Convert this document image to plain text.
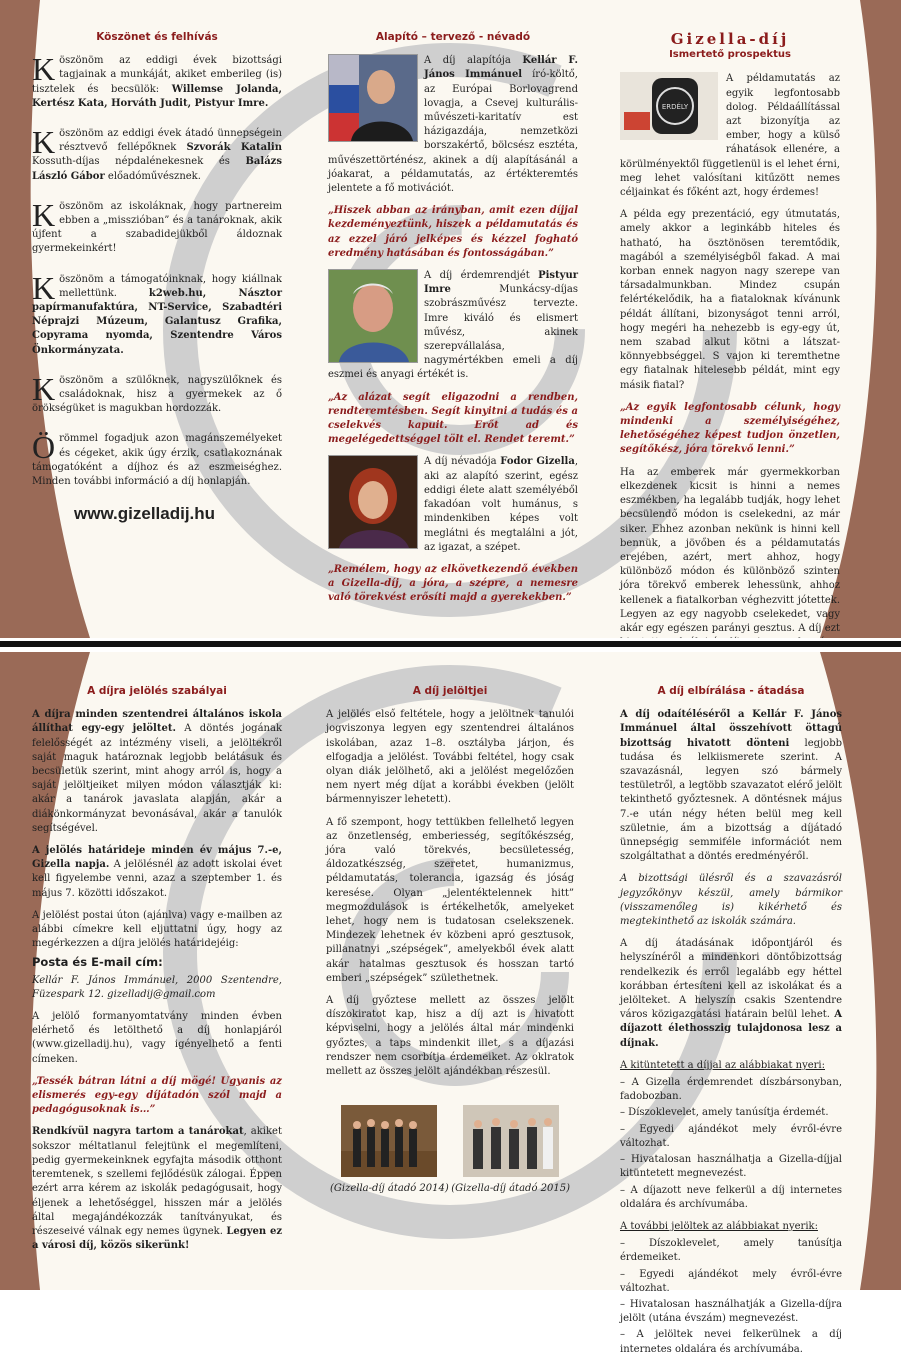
Köszönet és felhívás

Köszönöm az eddigi évek bizottsági tagjainak a munkáját, akiket emberileg (is) tisztelek és becsülök: Willemse Jolanda, Kertész Kata, Horváth Judit, Pistyur Imre.

Köszönöm az eddigi évek átadó ünnepségein résztvevő fellépőknek Szvorák Katalin Kossuth-díjas népdalénekesnek és Balázs László Gábor előadóművésznek.

Köszönöm az iskoláknak, hogy partnereim ebben a „misszióban” és a tanároknak, akik újfent a szabadidejükből áldoznak gyermekeinkért!

Köszönöm a támogatóinknak, hogy kiállnak mellettünk. k2web.hu, Násztor papírmanufaktúra, NT-Service, Szabadtéri Néprajzi Múzeum, Galantusz Grafika, Copyrama nyomda, Szentendre Város Önkormányzata.

Köszönöm a szülőknek, nagyszülőknek és családoknak, hisz a gyermekek az ő örökségüket is magukban hordozzák.

Örömmel fogadjuk azon magánszemélyeket és cégeket, akik úgy érzik, csatlakoznának támogatóként a díjhoz és az eszmeiséghez. Minden további információ a díj honlapján.

www.gizelladij.hu
Alapító – tervező - névadó

A díj alapítója Kellár F. János Immánuel író-költő, az Európai Borlovagrend lovagja, a Csevej kulturális- művészeti-karitatív est házigazdája, nemzetközi borszakértő, bölcsész esztéta, művészettörténész, akinek a díj alapításánál a jóakarat, a példamutatás, az értékteremtés jelentete a fő motivációt.

„Hiszek abban az irányban, amit ezen díjjal kezdeményeztünk, hiszek a példamutatás és az ezzel járó jelképes és kézzel fogható eredmény hatásában és fontosságában.”

A díj érdemrendjét Pistyur Imre Munkácsy-díjas szobrászművész tervezte. Imre kiváló és elismert művész, akinek szerepvállalása, nagymértékben emeli a díj eszmei és anyagi értékét is.

„Az alázat segít eligazodni a rendben, rendteremtésben. Segít kinyitni a tudás és a cselekvés kapuit. Erőt ad és megelégedettséggel tölt el. Rendet teremt.”

A díj névadója Fodor Gizella, aki az alapító szerint, egész eddigi élete alatt személyéből fakadóan volt humánus, s mindenkiben képes volt meglátni és megtalálni a jót, az igazat, a szépet.

„Remélem, hogy az elkövetkezendő években a Gizella-díj, a jóra, a szépre, a nemesre való törekvést erősíti majd a gyerekekben.”

Gizella-díj
Ismertető prospektus

ERDÉLY
A példamutatás az egyik legfontosabb dolog. Példaállítással azt bizonyítja az ember, hogy a külső ráhatások ellenére, a körülményektől függetlenül is el lehet érni, meg lehet valósítani kitűzött nemes céljainkat és főként azt, hogy érdemes!

A példa egy prezentáció, egy útmutatás, amely akkor a leginkább hiteles és hatható, ha ösztönösen teremtődik, magából a személyiségből fakad. A mai korban ennek nagyon nagy szerepe van társadalmunkban. Mindez csupán felértékelődik, ha a fiataloknak kívánunk példát állítani, bizonyságot tenni arról, hogy megéri ha nehezebb is egy-egy út, nem szabad alkut kötni a látszat- könnyebbséggel. S vajon ki teremthetne egy fiatalnak hitelesebb példát, mint egy másik fiatal?

„Az egyik legfontosabb célunk, hogy mindenki a személyiségéhez, lehetőségéhez képest tudjon önzetlen, segítőkész, jóra törekvő lenni.”

Ha az emberek már gyermekkorban elkezdenek kicsit is hinni a nemes eszmékben, ha legalább tudják, hogy lehet becsülendő módon is cselekedni, az már siker. Ehhez azonban nekünk is hinni kell bennük, a jövőben és a példamutatás erejében, azért, mert ahhoz, hogy különböző módon és különböző szinten jóra törekvő emberek lehessünk, ahhoz kellenek a fiatalkorban véghezvitt jótettek. Legyen az egy nagyobb cselekedet, vagy akár egy egészen parányi gesztus. A díj ezt

A díjra jelölés szabályai

A díjra minden szentendrei általános iskola állíthat egy-egy jelöltet. A döntés jogának felelősségét az intézmény viseli, a jelöltekről saját maguk határoznak legjobb belátásuk és becsületük szerint, mint ahogy arról is, hogy a saját jelöltjeiket milyen módon választják ki: akár a tanárok javaslata alapján, akár a diákönkormányzat bevonásával, akár a tanulók segítségével.

A jelölés határideje minden év május 7.-e, Gizella napja. A jelölésnél az adott iskolai évet kell figyelembe venni, azaz a szeptember 1. és május 7. közötti időszakot.

A jelölést postai úton (ajánlva) vagy e-mailben az alábbi címekre kell eljuttatni úgy, hogy az megérkezzen a díjra jelölés határidejéig:

Posta és E-mail cím:

Kellár F. János Immánuel, 2000 Szentendre, Füzespark 12. gizelladij@gmail.com

A jelölő formanyomtatvány minden évben elérhető és letölthető a díj honlapjáról (www.gizelladij.hu), vagy igényelhető a fenti címeken.

„Tessék bátran látni a díj mögé! Ugyanis az elismerés egy-egy díjátadón szól majd a pedagógusoknak is…”

Rendkívül nagyra tartom a tanárokat, akiket sokszor méltatlanul felejtünk el megemlíteni, pedig gyermekeinknek egyfajta második otthont teremtenek, s szellemi fejlődésük zálogai. Éppen ezért arra kérem az iskolák pedagógusait, hogy éljenek a lehetőséggel, hisszen már a jelölés által megajándékozzák tanítványukat, és részeseivé válnak egy nemes ügynek. Legyen ez a városi díj, közös sikerünk!

A díj jelöltjei

A jelölés első feltétele, hogy a jelöltnek tanulói jogviszonya legyen egy szentendrei általános iskolában, azaz 1–8. osztályba járjon, és elfogadja a jelölést. További feltétel, hogy csak olyan diák jelölhető, aki a jelölést megelőzően nem nyert még díjat a korábbi években (jelölt bármennyiszer lehetett).

A fő szempont, hogy tettükben fellelhető legyen az önzetlenség, emberiesség, segítőkészség, jóra való törekvés, becsületesség, áldozatkészség, szeretet, humanizmus, példamutatás, tolerancia, igazság és jóság keresése. Olyan „jelentéktelennek hitt” megmozdulások is értékelhetők, amelyeket lehet, hogy nem is tudatosan cselekszenek. Mindezek lehetnek év közbeni apró gesztusok, pillanatnyi „szépségek”, amelyekből évek alatt akár hatalmas gesztusok és hosszan tartó emberi „szépségek” születhetnek.

A díj győztese mellett az összes jelölt díszokiratot kap, hisz a díj azt is hivatott képviselni, hogy a jelölés által már mindenki győztes, a taps mindenkit illet, s a díjazási rendszer nem csorbítja érdemeiket. Az oklratok mellett az összes jelölt ajándékban részesül.

(Gizella-díj átadó 2014) (Gizella-díj átadó 2015)
A díj elbírálása - átadása

A díj odaítéléséről a Kellár F. János Immánuel által összehívott öttagú bizottság hivatott dönteni legjobb tudása és lelkiismerete szerint. A szavazásnál, legyen szó bármely testületről, a legtöbb szavazatot elérő jelölt tekinthető győztesnek. A döntésnek május 7.-e után négy héten belül meg kell születnie, ám a bizottság a díjátadó ünnepségig semmiféle információt nem szolgáltathat a döntés eredményéről.

A bizottsági ülésről és a szavazásról jegyzőkönyv készül, amely bármikor (visszamenőleg is) kikérhető és megtekinthető az iskolák számára.

A díj átadásának időpontjáról és helyszínéről a mindenkori döntőbizottság rendelkezik és erről legalább egy héttel korábban értesíteni kell az iskolákat és a jelölteket. A helyszín csakis Szentendre város közigazgatási határain belül lehet. A díjazott élethosszig tulajdonosa lesz a díjnak.

A kitüntetett a díjjal az alábbiakat nyeri:

– A Gizella érdemrendet díszbársonyban, fadobozban.

– Díszoklevelet, amely tanúsítja érdemét.

– Egyedi ajándékot mely évről-évre változhat.

– Hivatalosan használhatja a Gizella-díjjal kitüntetett megnevezést.

– A díjazott neve felkerül a díj internetes oldalára és archívumába.

A további jelöltek az alábbiakat nyerik:

– Díszoklevelet, amely tanúsítja érdemeiket.

– Egyedi ajándékot mely évről-évre változhat.

– Hivatalosan használhatják a Gizella-díjra jelölt (utána évszám) megnevezést.

– A jelöltek nevei felkerülnek a díj internetes oldalára és archívumába.
